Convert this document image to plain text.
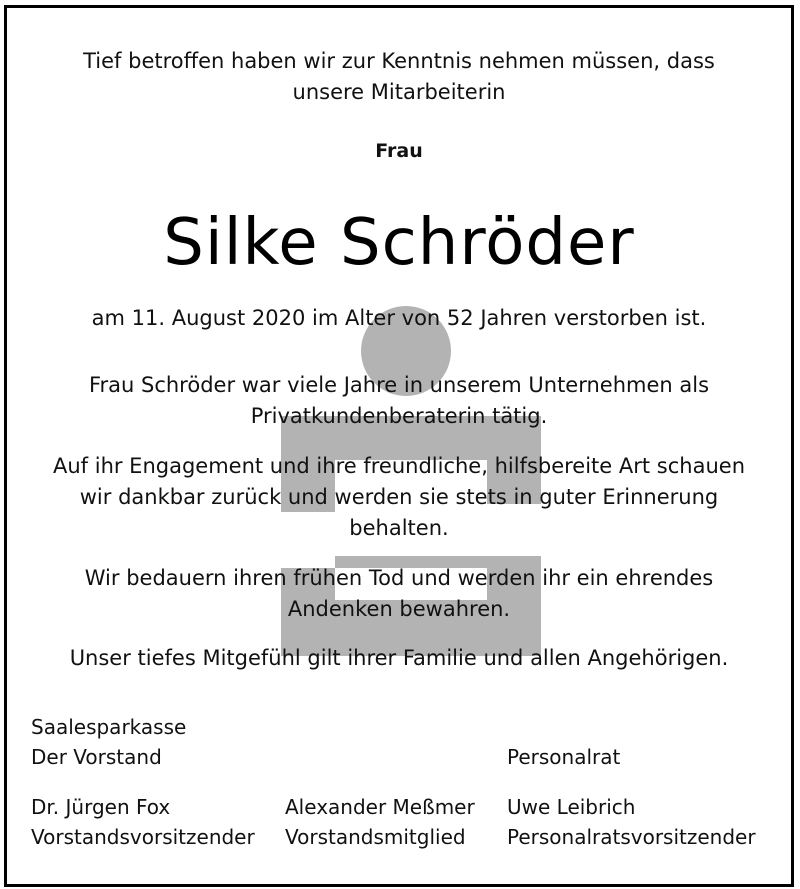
Tief betroffen haben wir zur Kenntnis nehmen müssen, dass
unsere Mitarbeiterin
Frau
Silke Schröder
am 11. August 2020 im Alter von 52 Jahren verstorben ist.
Frau Schröder war viele Jahre in unserem Unternehmen als
Privatkundenberaterin tätig.
Auf ihr Engagement und ihre freundliche, hilfsbereite Art schauen
wir dankbar zurück und werden sie stets in guter Erinnerung
behalten.
Wir bedauern ihren frühen Tod und werden ihr ein ehrendes
Andenken bewahren.
Unser tiefes Mitgefühl gilt ihrer Familie und allen Angehörigen.
Saalesparkasse
Der Vorstand	Personalrat
Dr. Jürgen Fox
Vorstandsvorsitzender
Alexander Meßmer
Vorstandsmitglied
Uwe Leibrich
Personalratsvorsitzender
